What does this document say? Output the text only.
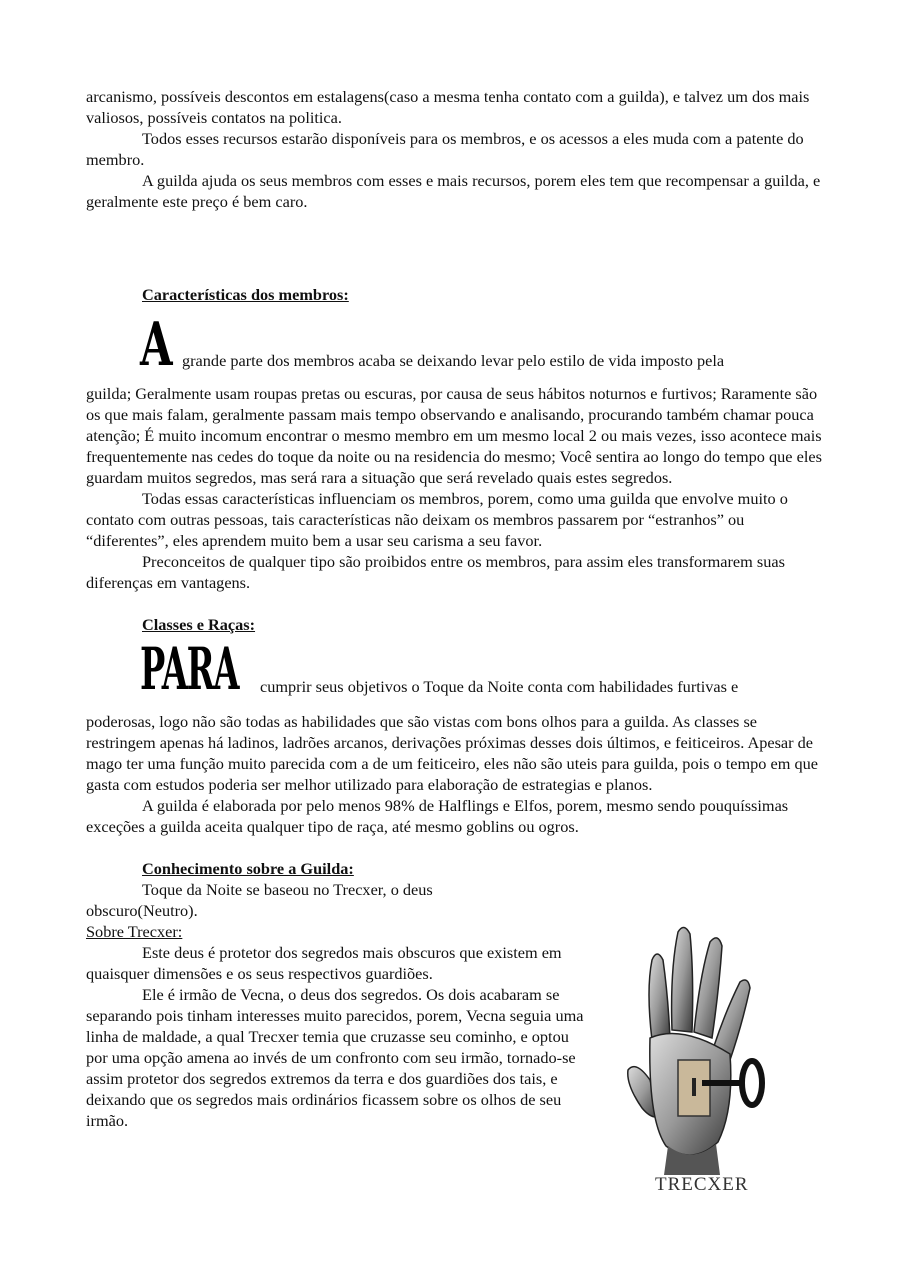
arcanismo, possíveis descontos em estalagens(caso a mesma tenha contato com a guilda), e talvez um dos mais valiosos, possíveis contatos na politica.

Todos esses recursos estarão disponíveis para os membros, e os acessos a eles muda com a patente do membro.

A guilda ajuda os seus membros com esses e mais recursos, porem eles tem que recompensar a guilda, e geralmente este preço é bem caro.

Características dos membros:

A grande parte dos membros acaba se deixando levar pelo estilo de vida imposto pela

guilda; Geralmente usam roupas pretas ou escuras, por causa de seus hábitos noturnos e furtivos; Raramente são os que mais falam, geralmente passam mais tempo observando e analisando, procurando também chamar pouca atenção; É muito incomum encontrar o mesmo membro em um mesmo local 2 ou mais vezes, isso acontece mais frequentemente nas cedes do toque da noite ou na residencia do mesmo; Você sentira ao longo do tempo que eles guardam muitos segredos, mas será rara a situação que será revelado quais estes segredos.

Todas essas características influenciam os membros, porem, como uma guilda que envolve muito o contato com outras pessoas, tais características não deixam os membros passarem por “estranhos” ou “diferentes”, eles aprendem muito bem a usar seu carisma a seu favor.

Preconceitos de qualquer tipo são proibidos entre os membros, para assim eles transformarem suas diferenças em vantagens.

Classes e Raças:

PARA cumprir seus objetivos o Toque da Noite conta com habilidades furtivas e

poderosas, logo não são todas as habilidades que são vistas com bons olhos para a guilda. As classes se restringem apenas há ladinos, ladrões arcanos, derivações próximas desses dois últimos, e feiticeiros. Apesar de mago ter uma função muito parecida com a de um feiticeiro, eles não são uteis para guilda, pois o tempo em que gasta com estudos poderia ser melhor utilizado para elaboração de estrategias e planos.

A guilda é elaborada por pelo menos 98% de Halflings e Elfos, porem, mesmo sendo pouquíssimas exceções a guilda aceita qualquer tipo de raça, até mesmo goblins ou ogros.

Conhecimento sobre a Guilda:

Toque da Noite se baseou no Trecxer, o deus obscuro(Neutro).

Sobre Trecxer:

Este deus é protetor dos segredos mais obscuros que existem em quaisquer dimensões e os seus respectivos guardiões.

Ele é irmão de Vecna, o deus dos segredos. Os dois acabaram se separando pois tinham interesses muito parecidos, porem, Vecna seguia uma linha de maldade, a qual Trecxer temia que cruzasse seu cominho, e optou por uma opção amena ao invés de um confronto com seu irmão, tornado-se assim protetor dos segredos extremos da terra e dos guardiões dos tais, e deixando que os segredos mais ordinários ficassem sobre os olhos de seu irmão.

TRECXER
